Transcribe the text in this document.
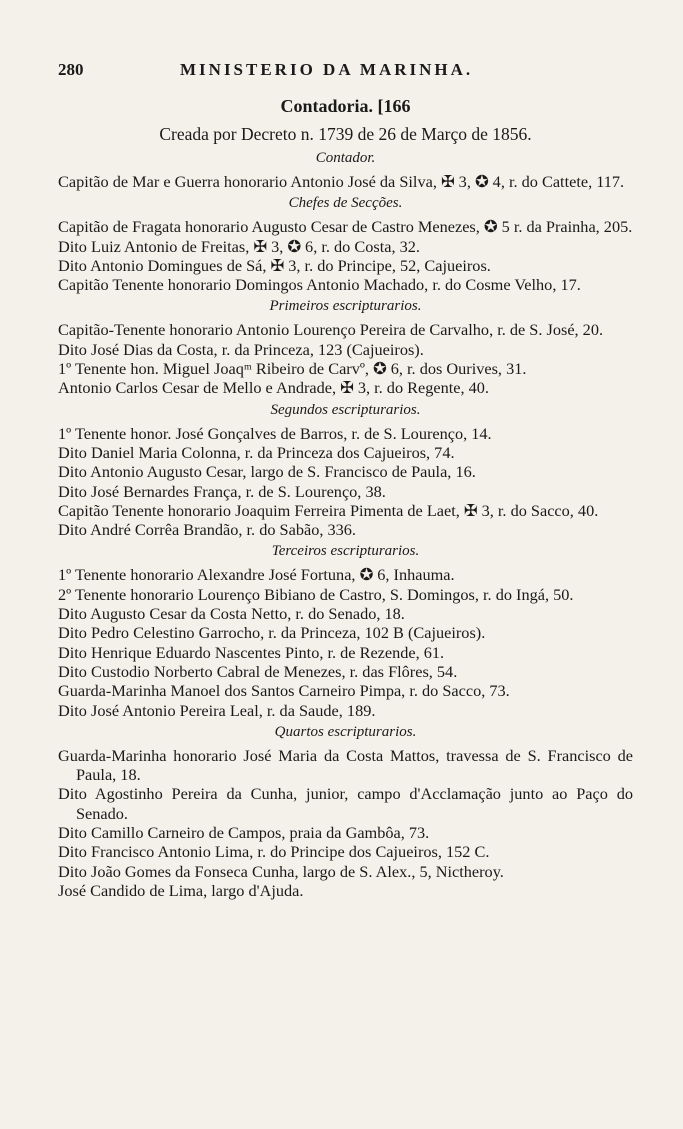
280	MINISTERIO DA MARINHA.
Contadoria. [166
Creada por Decreto n. 1739 de 26 de Março de 1856.
Contador.
Capitão de Mar e Guerra honorario Antonio José da Silva, ✠ 3, ✪ 4, r. do Cattete, 117.
Chefes de Secções.
Capitão de Fragata honorario Augusto Cesar de Castro Menezes, ✪ 5 r. da Prainha, 205.
Dito Luiz Antonio de Freitas, ✠ 3, ✪ 6, r. do Costa, 32.
Dito Antonio Domingues de Sá, ✠ 3, r. do Principe, 52, Cajueiros.
Capitão Tenente honorario Domingos Antonio Machado, r. do Cosme Velho, 17.
Primeiros escripturarios.
Capitão-Tenente honorario Antonio Lourenço Pereira de Carvalho, r. de S. José, 20.
Dito José Dias da Costa, r. da Princeza, 123 (Cajueiros).
1º Tenente hon. Miguel Joaqᵐ Ribeiro de Carvº, ✪ 6, r. dos Ourives, 31.
Antonio Carlos Cesar de Mello e Andrade, ✠ 3, r. do Regente, 40.
Segundos escripturarios.
1º Tenente honor. José Gonçalves de Barros, r. de S. Lourenço, 14.
Dito Daniel Maria Colonna, r. da Princeza dos Cajueiros, 74.
Dito Antonio Augusto Cesar, largo de S. Francisco de Paula, 16.
Dito José Bernardes França, r. de S. Lourenço, 38.
Capitão Tenente honorario Joaquim Ferreira Pimenta de Laet, ✠ 3, r. do Sacco, 40.
Dito André Corrêa Brandão, r. do Sabão, 336.
Terceiros escripturarios.
1º Tenente honorario Alexandre José Fortuna, ✪ 6, Inhauma.
2º Tenente honorario Lourenço Bibiano de Castro, S. Domingos, r. do Ingá, 50.
Dito Augusto Cesar da Costa Netto, r. do Senado, 18.
Dito Pedro Celestino Garrocho, r. da Princeza, 102 B (Cajueiros).
Dito Henrique Eduardo Nascentes Pinto, r. de Rezende, 61.
Dito Custodio Norberto Cabral de Menezes, r. das Flôres, 54.
Guarda-Marinha Manoel dos Santos Carneiro Pimpa, r. do Sacco, 73.
Dito José Antonio Pereira Leal, r. da Saude, 189.
Quartos escripturarios.
Guarda-Marinha honorario José Maria da Costa Mattos, travessa de S. Francisco de Paula, 18.
Dito Agostinho Pereira da Cunha, junior, campo d'Acclamação junto ao Paço do Senado.
Dito Camillo Carneiro de Campos, praia da Gambôa, 73.
Dito Francisco Antonio Lima, r. do Principe dos Cajueiros, 152 C.
Dito João Gomes da Fonseca Cunha, largo de S. Alex., 5, Nictheroy.
José Candido de Lima, largo d'Ajuda.
